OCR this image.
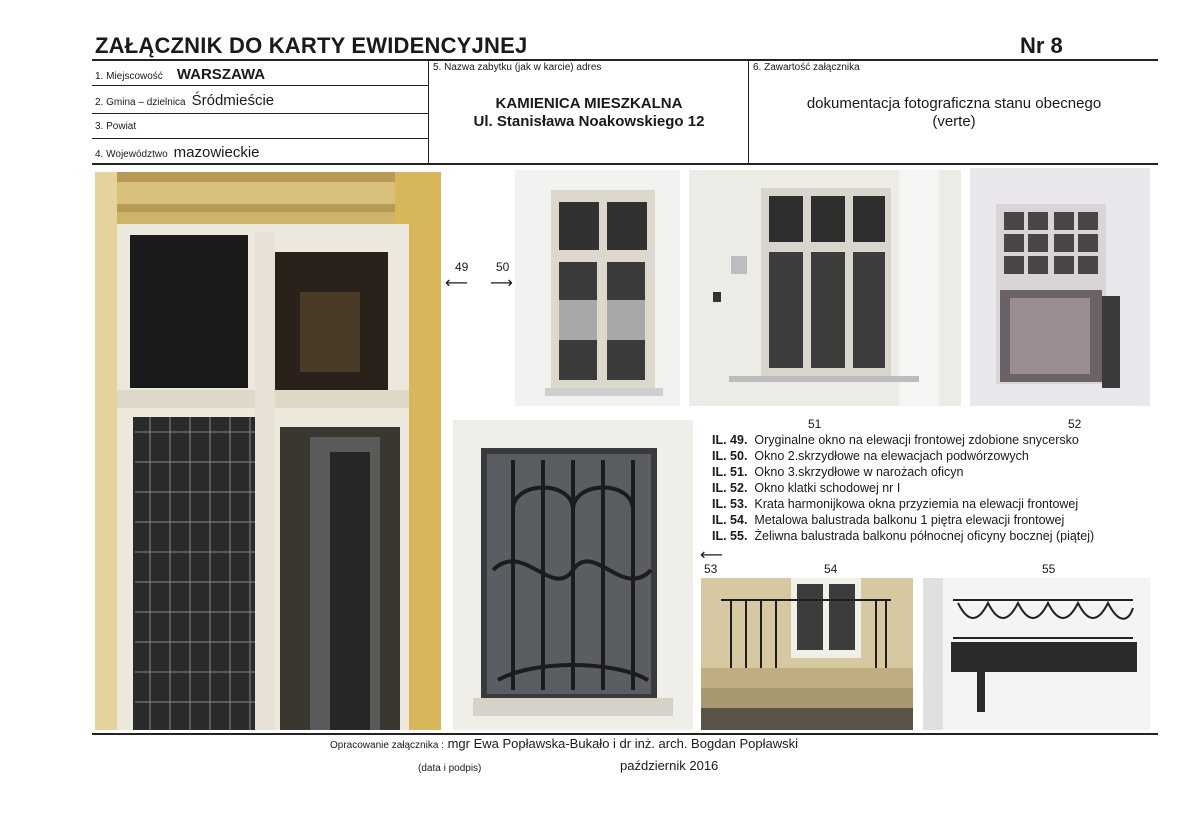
ZAŁĄCZNIK DO KARTY EWIDENCYJNEJ	Nr 8
1. Miejscowość WARSZAWA
2. Gmina – dzielnica Śródmieście
3. Powiat
4. Województwo mazowieckie
5. Nazwa zabytku (jak w karcie) adres
KAMIENICA MIESZKALNA
Ul. Stanisława Noakowskiego 12
6. Zawartość załącznika
dokumentacja fotograficzna stanu obecnego
(verte)
49 50
⟵ ⟶
51	52
IL. 49. Oryginalne okno na elewacji frontowej zdobione snycersko
IL. 50. Okno 2.skrzydłowe na elewacjach podwórzowych
IL. 51. Okno 3.skrzydłowe w narożach oficyn
IL. 52. Okno klatki schodowej nr I
IL. 53. Krata harmonijkowa okna przyziemia na elewacji frontowej
IL. 54. Metalowa balustrada balkonu 1 piętra elewacji frontowej
IL. 55. Żeliwna balustrada balkonu północnej oficyny bocznej (piątej)
⟵
53	54	55
Opracowanie załącznika : mgr Ewa Popławska-Bukało i dr inż. arch. Bogdan Popławski
(data i podpis)	październik 2016
